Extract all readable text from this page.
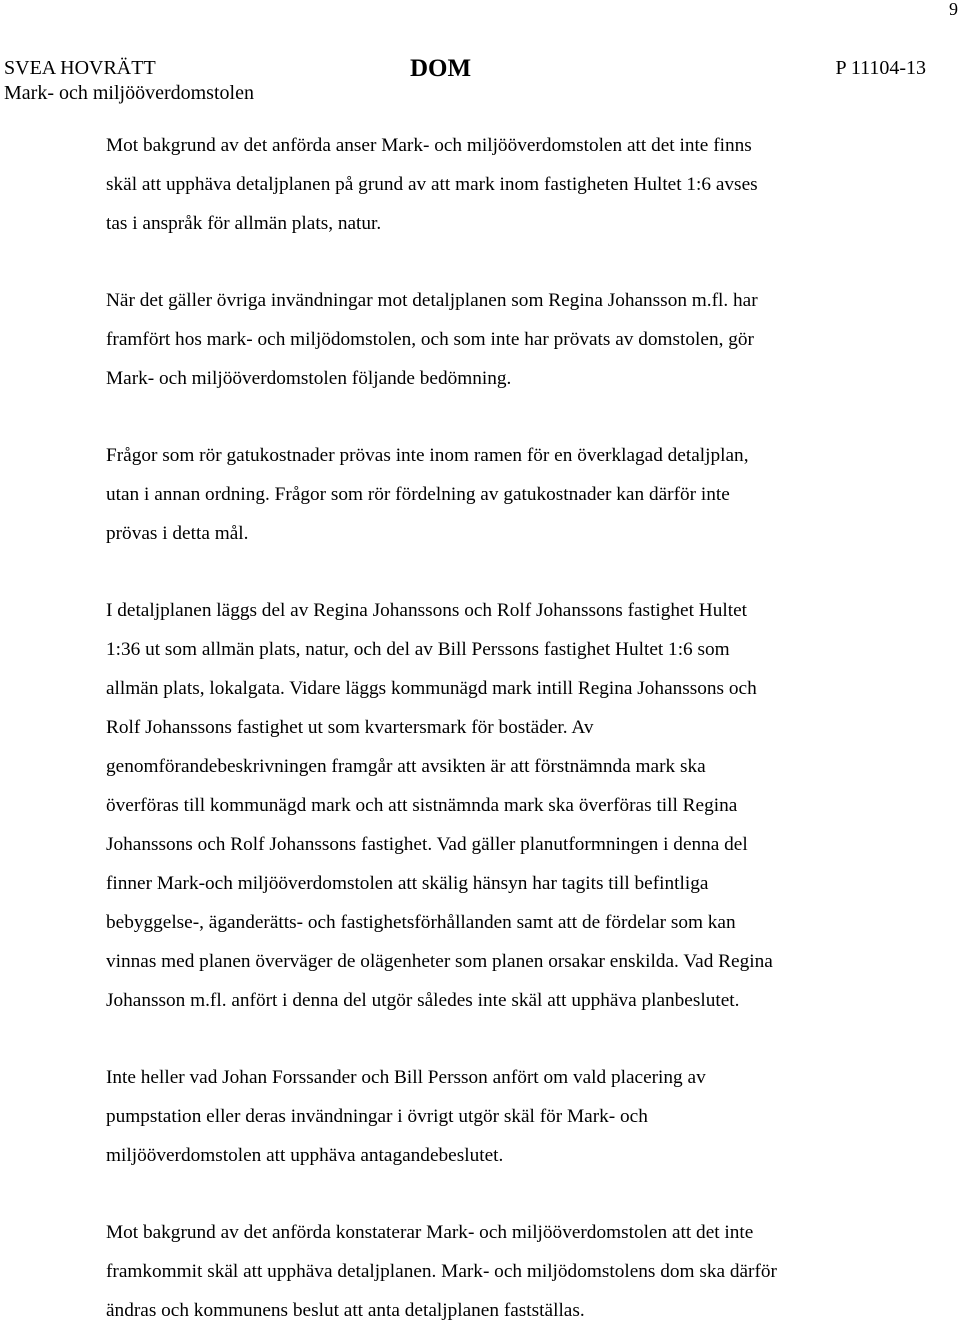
9
SVEA HOVRÄTT
Mark- och miljööverdomstolen
DOM	P 11104-13

Mot bakgrund av det anförda anser Mark- och miljööverdomstolen att det inte finns
skäl att upphäva detaljplanen på grund av att mark inom fastigheten Hultet 1:6 avses
tas i anspråk för allmän plats, natur.

När det gäller övriga invändningar mot detaljplanen som Regina Johansson m.fl. har
framfört hos mark- och miljödomstolen, och som inte har prövats av domstolen, gör
Mark- och miljööverdomstolen följande bedömning.

Frågor som rör gatukostnader prövas inte inom ramen för en överklagad detaljplan,
utan i annan ordning. Frågor som rör fördelning av gatukostnader kan därför inte
prövas i detta mål.

I detaljplanen läggs del av Regina Johanssons och Rolf Johanssons fastighet Hultet
1:36 ut som allmän plats, natur, och del av Bill Perssons fastighet Hultet 1:6 som
allmän plats, lokalgata. Vidare läggs kommunägd mark intill Regina Johanssons och
Rolf Johanssons fastighet ut som kvartersmark för bostäder. Av
genomförandebeskrivningen framgår att avsikten är att förstnämnda mark ska
överföras till kommunägd mark och att sistnämnda mark ska överföras till Regina
Johanssons och Rolf Johanssons fastighet. Vad gäller planutformningen i denna del
finner Mark-och miljööverdomstolen att skälig hänsyn har tagits till befintliga
bebyggelse-, äganderätts- och fastighetsförhållanden samt att de fördelar som kan
vinnas med planen överväger de olägenheter som planen orsakar enskilda. Vad Regina
Johansson m.fl. anfört i denna del utgör således inte skäl att upphäva planbeslutet.

Inte heller vad Johan Forssander och Bill Persson anfört om vald placering av
pumpstation eller deras invändningar i övrigt utgör skäl för Mark- och
miljööverdomstolen att upphäva antagandebeslutet.

Mot bakgrund av det anförda konstaterar Mark- och miljööverdomstolen att det inte
framkommit skäl att upphäva detaljplanen. Mark- och miljödomstolens dom ska därför
ändras och kommunens beslut att anta detaljplanen fastställas.
